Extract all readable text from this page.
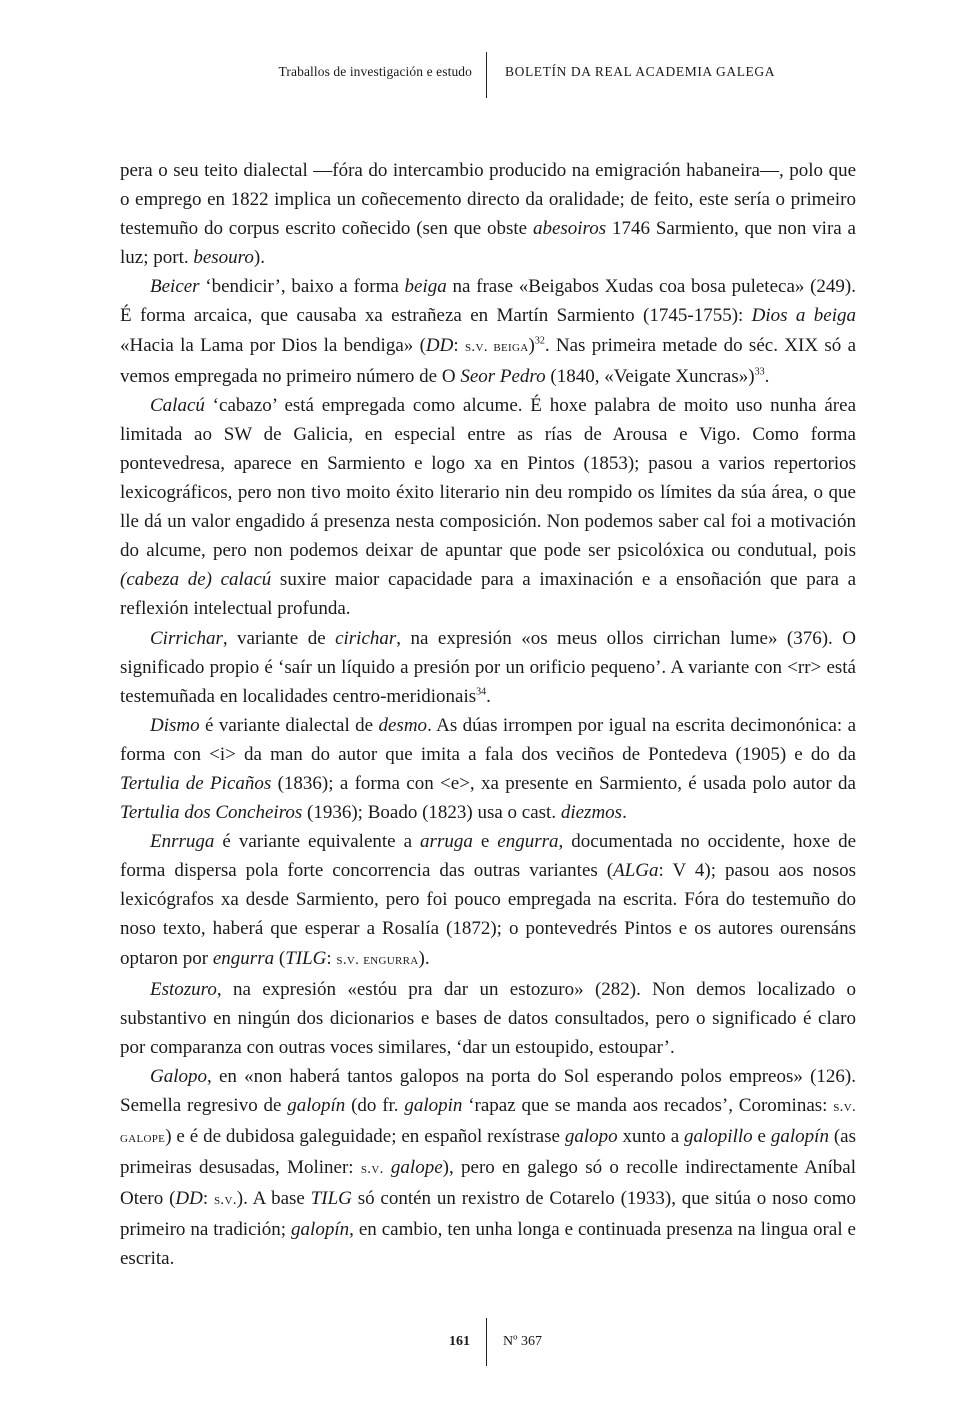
Traballos de investigación e estudo BOLETÍN DA REAL ACADEMIA GALEGA

pera o seu teito dialectal —fóra do intercambio producido na emigración habaneira—, polo que o emprego en 1822 implica un coñecemento directo da oralidade; de feito, este sería o primeiro testemuño do corpus escrito coñecido (sen que obste abesoiros 1746 Sarmiento, que non vira a luz; port. besouro).

Beicer ‘bendicir’, baixo a forma beiga na frase «Beigabos Xudas coa bosa puleteca» (249). É forma arcaica, que causaba xa estrañeza en Martín Sarmiento (1745-1755): Dios a beiga «Hacia la Lama por Dios la bendiga» (DD: s.v. beiga)$^{32}$. Nas primeira metade do séc. XIX só a vemos empregada no primeiro número de O Seor Pedro (1840, «Veigate Xuncras»)$^{33}$.

Calacú ‘cabazo’ está empregada como alcume. É hoxe palabra de moito uso nunha área limitada ao SW de Galicia, en especial entre as rías de Arousa e Vigo. Como forma pontevedresa, aparece en Sarmiento e logo xa en Pintos (1853); pasou a varios repertorios lexicográficos, pero non tivo moito éxito literario nin deu rompido os límites da súa área, o que lle dá un valor engadido á presenza nesta composición. Non podemos saber cal foi a motivación do alcume, pero non podemos deixar de apuntar que pode ser psicolóxica ou condutual, pois (cabeza de) calacú suxire maior capacidade para a imaxinación e a ensoñación que para a reflexión intelectual profunda.

Cirrichar, variante de cirichar, na expresión «os meus ollos cirrichan lume» (376). O significado propio é ‘saír un líquido a presión por un orificio pequeno’. A variante con <rr> está testemuñada en localidades centro-meridionais$^{34}$.

Dismo é variante dialectal de desmo. As dúas irrompen por igual na escrita decimonónica: a forma con <i> da man do autor que imita a fala dos veciños de Pontedeva (1905) e do da Tertulia de Picaños (1836); a forma con <e>, xa presente en Sarmiento, é usada polo autor da Tertulia dos Concheiros (1936); Boado (1823) usa o cast. diezmos.

Enrruga é variante equivalente a arruga e engurra, documentada no occidente, hoxe de forma dispersa pola forte concorrencia das outras variantes (ALGa: V 4); pasou aos nosos lexicógrafos xa desde Sarmiento, pero foi pouco empregada na escrita. Fóra do testemuño do noso texto, haberá que esperar a Rosalía (1872); o pontevedrés Pintos e os autores ourensáns optaron por engurra (TILG: s.v. engurra).

Estozuro, na expresión «estóu pra dar un estozuro» (282). Non demos localizado o substantivo en ningún dos dicionarios e bases de datos consultados, pero o significado é claro por comparanza con outras voces similares, ‘dar un estoupido, estoupar’.

Galopo, en «non haberá tantos galopos na porta do Sol esperando polos empreos» (126). Semella regresivo de galopín (do fr. galopin ‘rapaz que se manda aos recados’, Corominas: s.v. galope) e é de dubidosa galeguidade; en español rexístrase galopo xunto a galopillo e galopín (as primeiras desusadas, Moliner: s.v. galope), pero en galego só o recolle indirectamente Aníbal Otero (DD: s.v.). A base TILG só contén un rexistro de Cotarelo (1933), que sitúa o noso como primeiro na tradición; galopín, en cambio, ten unha longa e continuada presenza na lingua oral e escrita.

161 Nº 367
